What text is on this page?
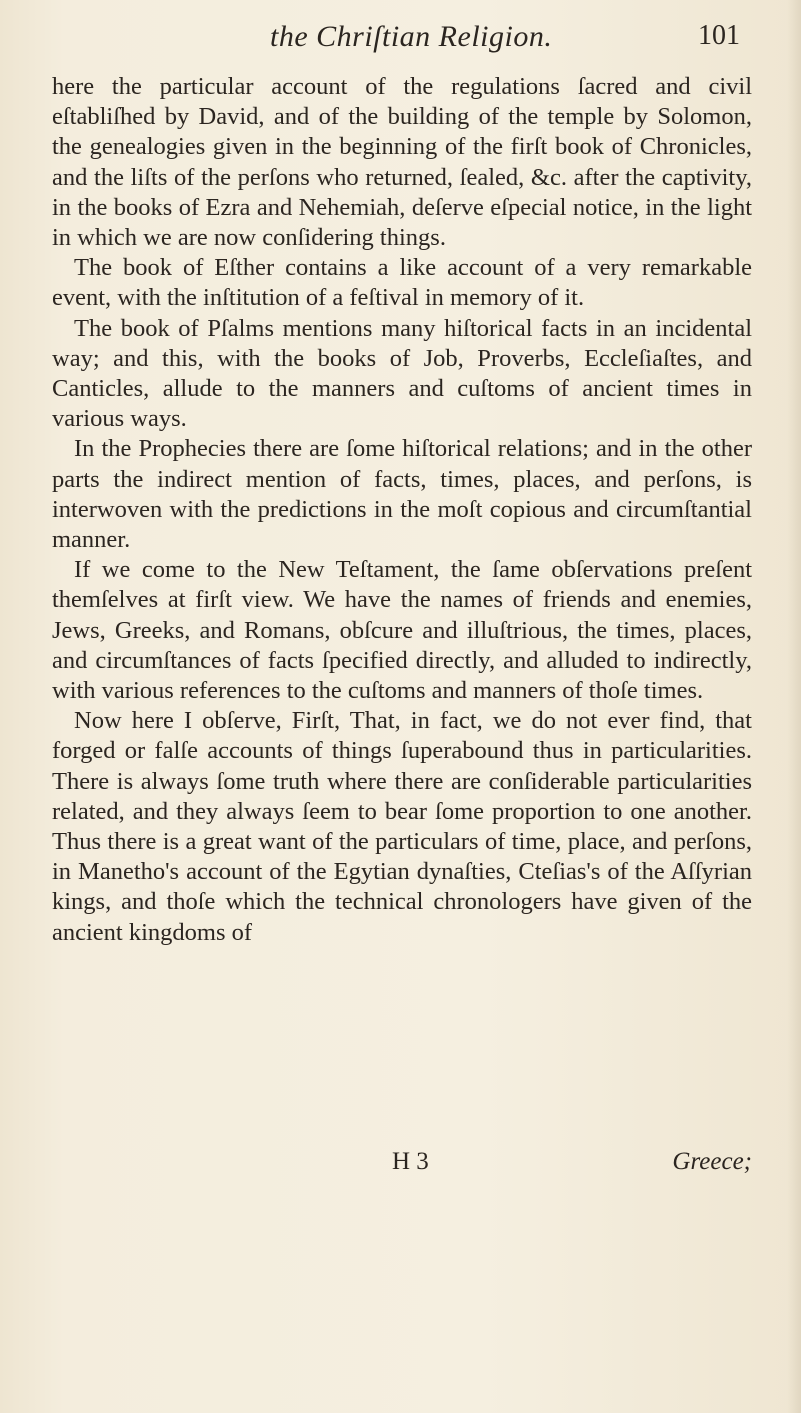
the Chriſtian Religion.	101

here the particular account of the regulations ſacred and civil eſtabliſhed by David, and of the building of the temple by Solomon, the genealogies given in the beginning of the firſt book of Chronicles, and the liſts of the perſons who returned, ſealed, &c. after the captivity, in the books of Ezra and Nehemiah, deſerve eſpecial notice, in the light in which we are now conſidering things.

The book of Eſther contains a like account of a very remarkable event, with the inſtitution of a feſtival in memory of it.

The book of Pſalms mentions many hiſtorical facts in an incidental way; and this, with the books of Job, Proverbs, Eccleſiaſtes, and Canticles, allude to the manners and cuſtoms of ancient times in various ways.

In the Prophecies there are ſome hiſtorical relations; and in the other parts the indirect mention of facts, times, places, and perſons, is interwoven with the predictions in the moſt copious and circumſtantial manner.

If we come to the New Teſtament, the ſame obſervations preſent themſelves at firſt view. We have the names of friends and enemies, Jews, Greeks, and Romans, obſcure and illuſtrious, the times, places, and circumſtances of facts ſpecified directly, and alluded to indirectly, with various references to the cuſtoms and manners of thoſe times.

Now here I obſerve, Firſt, That, in fact, we do not ever find, that forged or falſe accounts of things ſuperabound thus in particularities. There is always ſome truth where there are conſiderable particularities related, and they always ſeem to bear ſome proportion to one another. Thus there is a great want of the particulars of time, place, and perſons, in Manetho's account of the Egytian dynaſties, Cteſias's of the Aſſyrian kings, and thoſe which the technical chronologers have given of the ancient kingdoms of

H 3	Greece;
